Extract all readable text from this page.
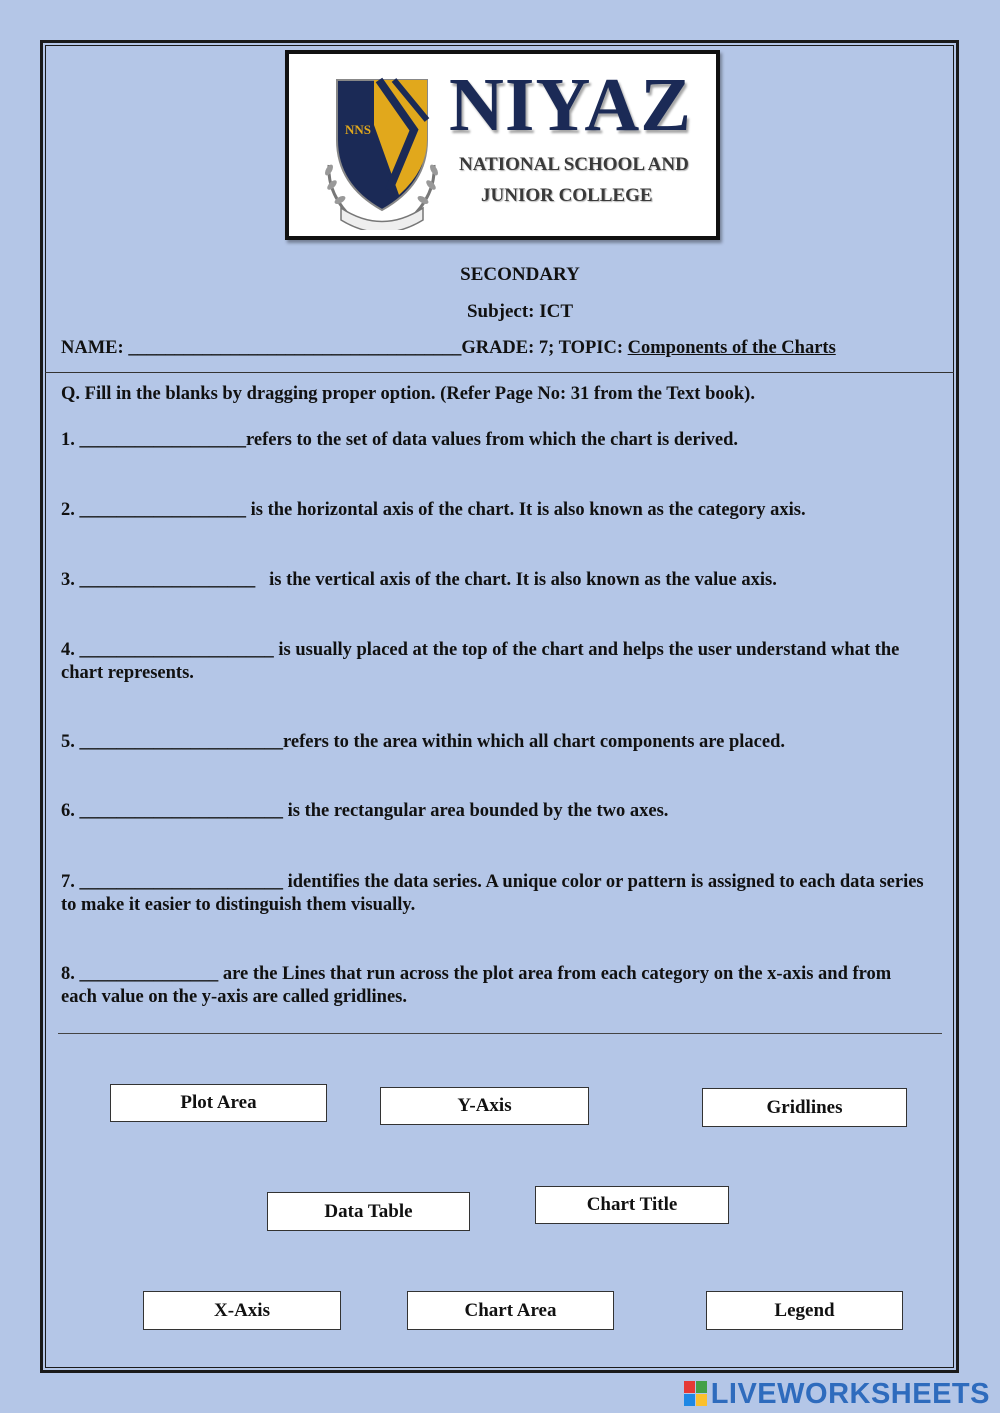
NNS NIYAZ
NATIONAL SCHOOL AND
JUNIOR COLLEGE
SECONDARY
Subject: ICT
NAME: ____________________________________GRADE: 7; TOPIC: Components of the Charts
Q. Fill in the blanks by dragging proper option. (Refer Page No: 31 from the Text book).
1. __________________refers to the set of data values from which the chart is derived.
2. __________________ is the horizontal axis of the chart. It is also known as the category axis.
3. ___________________   is the vertical axis of the chart. It is also known as the value axis.
4. _____________________ is usually placed at the top of the chart and helps the user understand what the chart represents.
5. ______________________refers to the area within which all chart components are placed.
6. ______________________ is the rectangular area bounded by the two axes.
7. ______________________ identifies the data series. A unique color or pattern is assigned to each data series to make it easier to distinguish them visually.
8. _______________ are the Lines that run across the plot area from each category on the x-axis and from each value on the y-axis are called gridlines.
Plot Area	Y-Axis	Gridlines
Data Table	Chart Title
X-Axis	Chart Area	Legend
LIVEWORKSHEETS
